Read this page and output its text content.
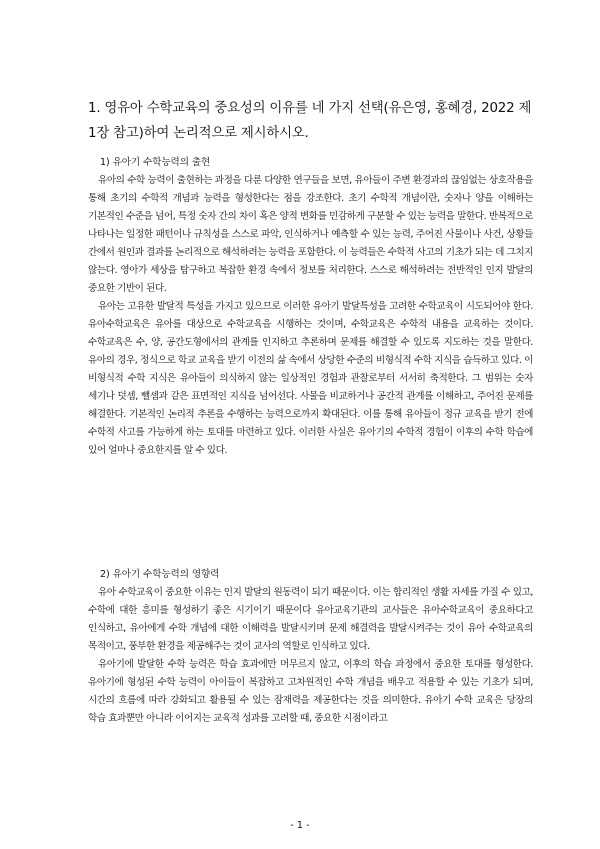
1. 영유아 수학교육의 중요성의 이유를 네 가지 선택(유은영, 홍혜경, 2022 제1장 참고)하여 논리적으로 제시하시오.

1) 유아기 수학능력의 출현

유아의 수학 능력이 출현하는 과정을 다룬 다양한 연구들을 보면, 유아들이 주변 환경과의 끊임없는 상호작용을 통해 초기의 수학적 개념과 능력을 형성한다는 점을 강조한다. 초기 수학적 개념이란, 숫자나 양을 이해하는 기본적인 수준을 넘어, 특정 숫자 간의 차이 혹은 양적 변화를 민감하게 구분할 수 있는 능력을 말한다. 반복적으로 나타나는 일정한 패턴이나 규칙성을 스스로 파악, 인식하거나 예측할 수 있는 능력, 주어진 사물이나 사건, 상황들 간에서 원인과 결과를 논리적으로 해석하려는 능력을 포함한다. 이 능력들은 수학적 사고의 기초가 되는 데 그치지 않는다. 영아가 세상을 탐구하고 복잡한 환경 속에서 정보를 처리한다. 스스로 해석하려는 전반적인 인지 발달의 중요한 기반이 된다.

유아는 고유한 발달적 특성을 가지고 있으므로 이러한 유아기 발달특성을 고려한 수학교육이 시도되어야 한다. 유아수학교육은 유아를 대상으로 수학교육을 시행하는 것이며, 수학교육은 수학적 내용을 교육하는 것이다. 수학교육은 수, 양, 공간도형에서의 관계를 인지하고 추론하며 문제를 해결할 수 있도록 지도하는 것을 말한다. 유아의 경우, 정식으로 학교 교육을 받기 이전의 삶 속에서 상당한 수준의 비형식적 수학 지식을 습득하고 있다. 이 비형식적 수학 지식은 유아들이 의식하지 않는 일상적인 경험과 관찰로부터 서서히 축적한다. 그 범위는 숫자 세기나 덧셈, 뺄셈과 같은 표면적인 지식을 넘어선다. 사물을 비교하거나 공간적 관계를 이해하고, 주어진 문제를 해결한다. 기본적인 논리적 추론을 수행하는 능력으로까지 확대된다. 이를 통해 유아들이 정규 교육을 받기 전에 수학적 사고를 가능하게 하는 토대를 마련하고 있다. 이러한 사실은 유아기의 수학적 경험이 이후의 수학 학습에 있어 얼마나 중요한지를 알 수 있다.

2) 유아기 수학능력의 영향력

유아 수학교육이 중요한 이유는 인지 발달의 원동력이 되기 때문이다. 이는 합리적인 생활 자세를 가질 수 있고, 수학에 대한 흥미를 형성하기 좋은 시기이기 때문이다 유아교육기관의 교사들은 유아수학교육이 중요하다고 인식하고, 유아에게 수학 개념에 대한 이해력을 발달시키며 문제 해결력을 발달시켜주는 것이 유아 수학교육의 목적이고, 풍부한 환경을 제공해주는 것이 교사의 역할로 인식하고 있다.

유아기에 발달한 수학 능력은 학습 효과에만 머무르지 않고, 이후의 학습 과정에서 중요한 토대를 형성한다. 유아기에 형성된 수학 능력이 아이들이 복잡하고 고차원적인 수학 개념을 배우고 적용할 수 있는 기초가 되며, 시간의 흐름에 따라 강화되고 활용될 수 있는 잠재력을 제공한다는 것을 의미한다. 유아기 수학 교육은 당장의 학습 효과뿐만 아니라 이어지는 교육적 성과를 고려할 때, 중요한 시점이라고

- 1 -
